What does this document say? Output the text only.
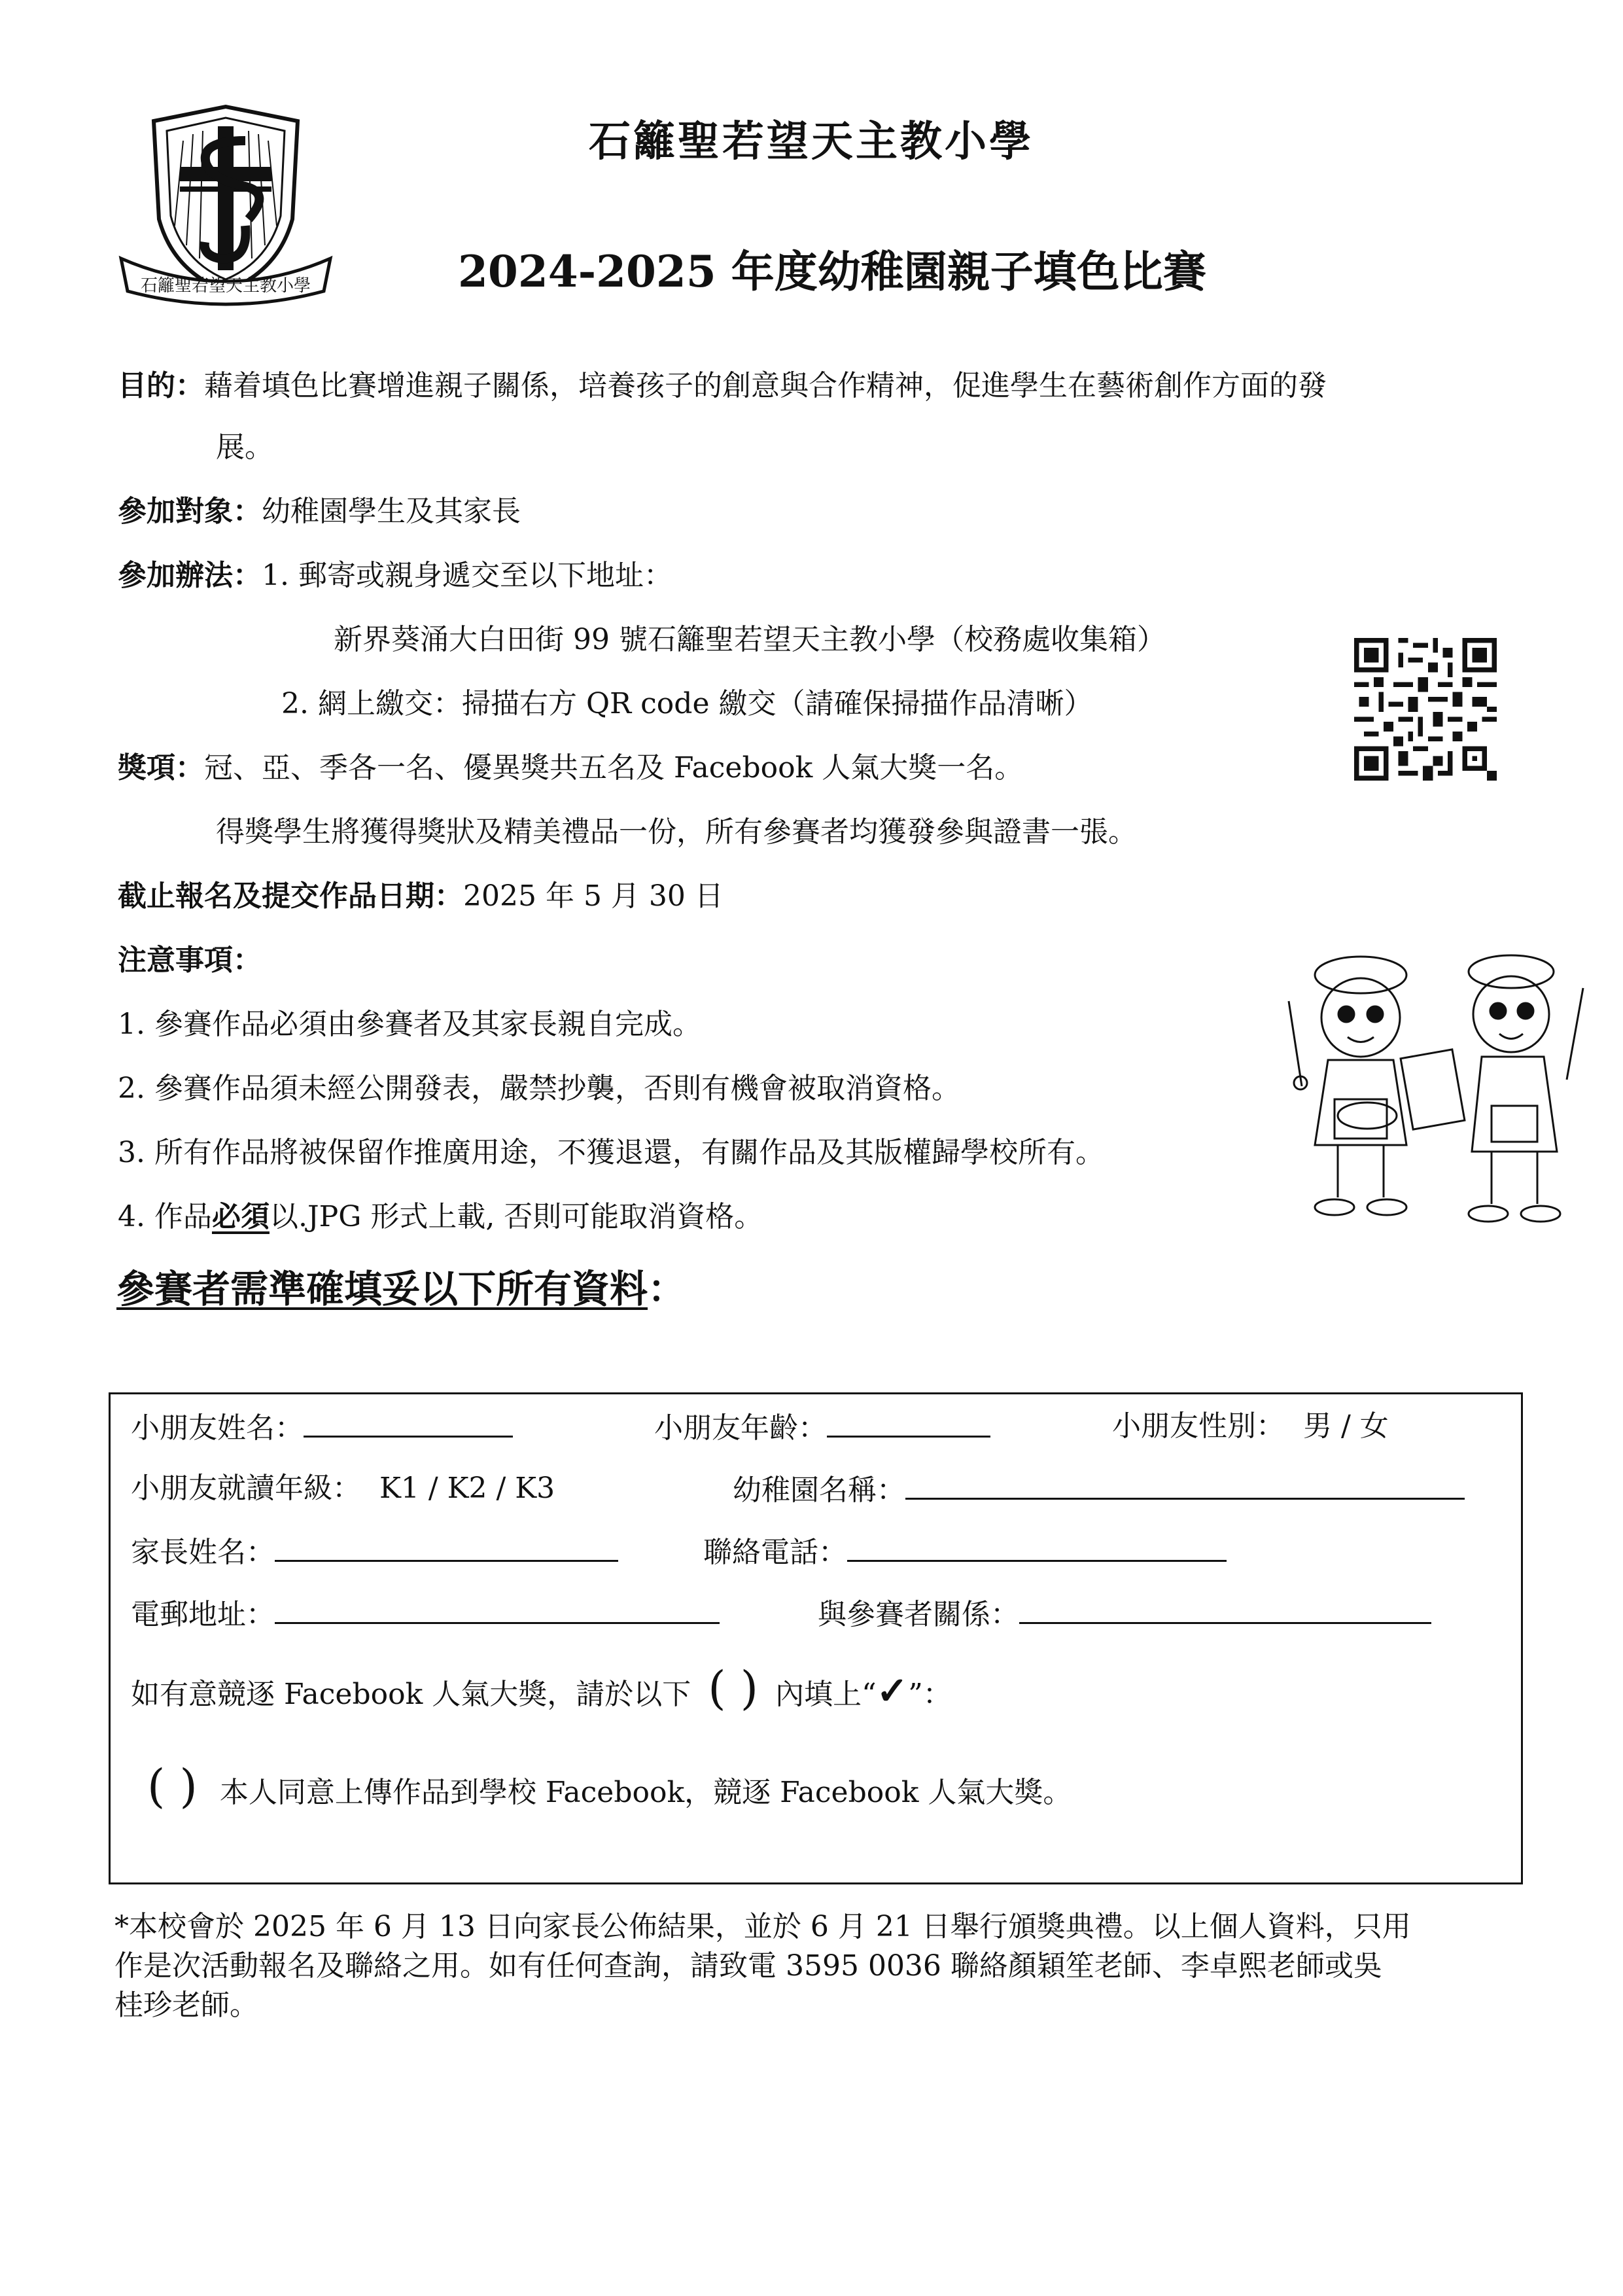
石籬聖若望天主教小學
石籬聖若望天主教小學
2024-2025 年度幼稚園親子填色比賽
目的：藉着填色比賽增進親子關係，培養孩子的創意與合作精神，促進學生在藝術創作方面的發
展。
參加對象：幼稚園學生及其家長
參加辦法：1. 郵寄或親身遞交至以下地址：
新界葵涌大白田街 99 號石籬聖若望天主教小學（校務處收集箱）
2. 網上繳交：掃描右方 QR code 繳交（請確保掃描作品清晰）
獎項：冠、亞、季各一名、優異獎共五名及 Facebook 人氣大獎一名。
得獎學生將獲得獎狀及精美禮品一份，所有參賽者均獲發參與證書一張。
截止報名及提交作品日期：2025 年 5 月 30 日
注意事項：
1. 參賽作品必須由參賽者及其家長親自完成。
2. 參賽作品須未經公開發表，嚴禁抄襲，否則有機會被取消資格。
3. 所有作品將被保留作推廣用途，不獲退還，有關作品及其版權歸學校所有。
4. 作品必須以.JPG 形式上載, 否則可能取消資格。
參賽者需準確填妥以下所有資料：
小朋友姓名：	小朋友年齡：	小朋友性別： 男 / 女
小朋友就讀年級： K1 / K2 / K3	幼稚園名稱：
家長姓名：	聯絡電話：
電郵地址：	與參賽者關係：
如有意競逐 Facebook 人氣大獎，請於以下 ( ) 內填上“✓”：
( ) 本人同意上傳作品到學校 Facebook，競逐 Facebook 人氣大獎。
*本校會於 2025 年 6 月 13 日向家長公佈結果，並於 6 月 21 日舉行頒獎典禮。以上個人資料，只用
作是次活動報名及聯絡之用。如有任何查詢，請致電 3595 0036 聯絡顏穎笙老師、李卓熙老師或吳
桂珍老師。
